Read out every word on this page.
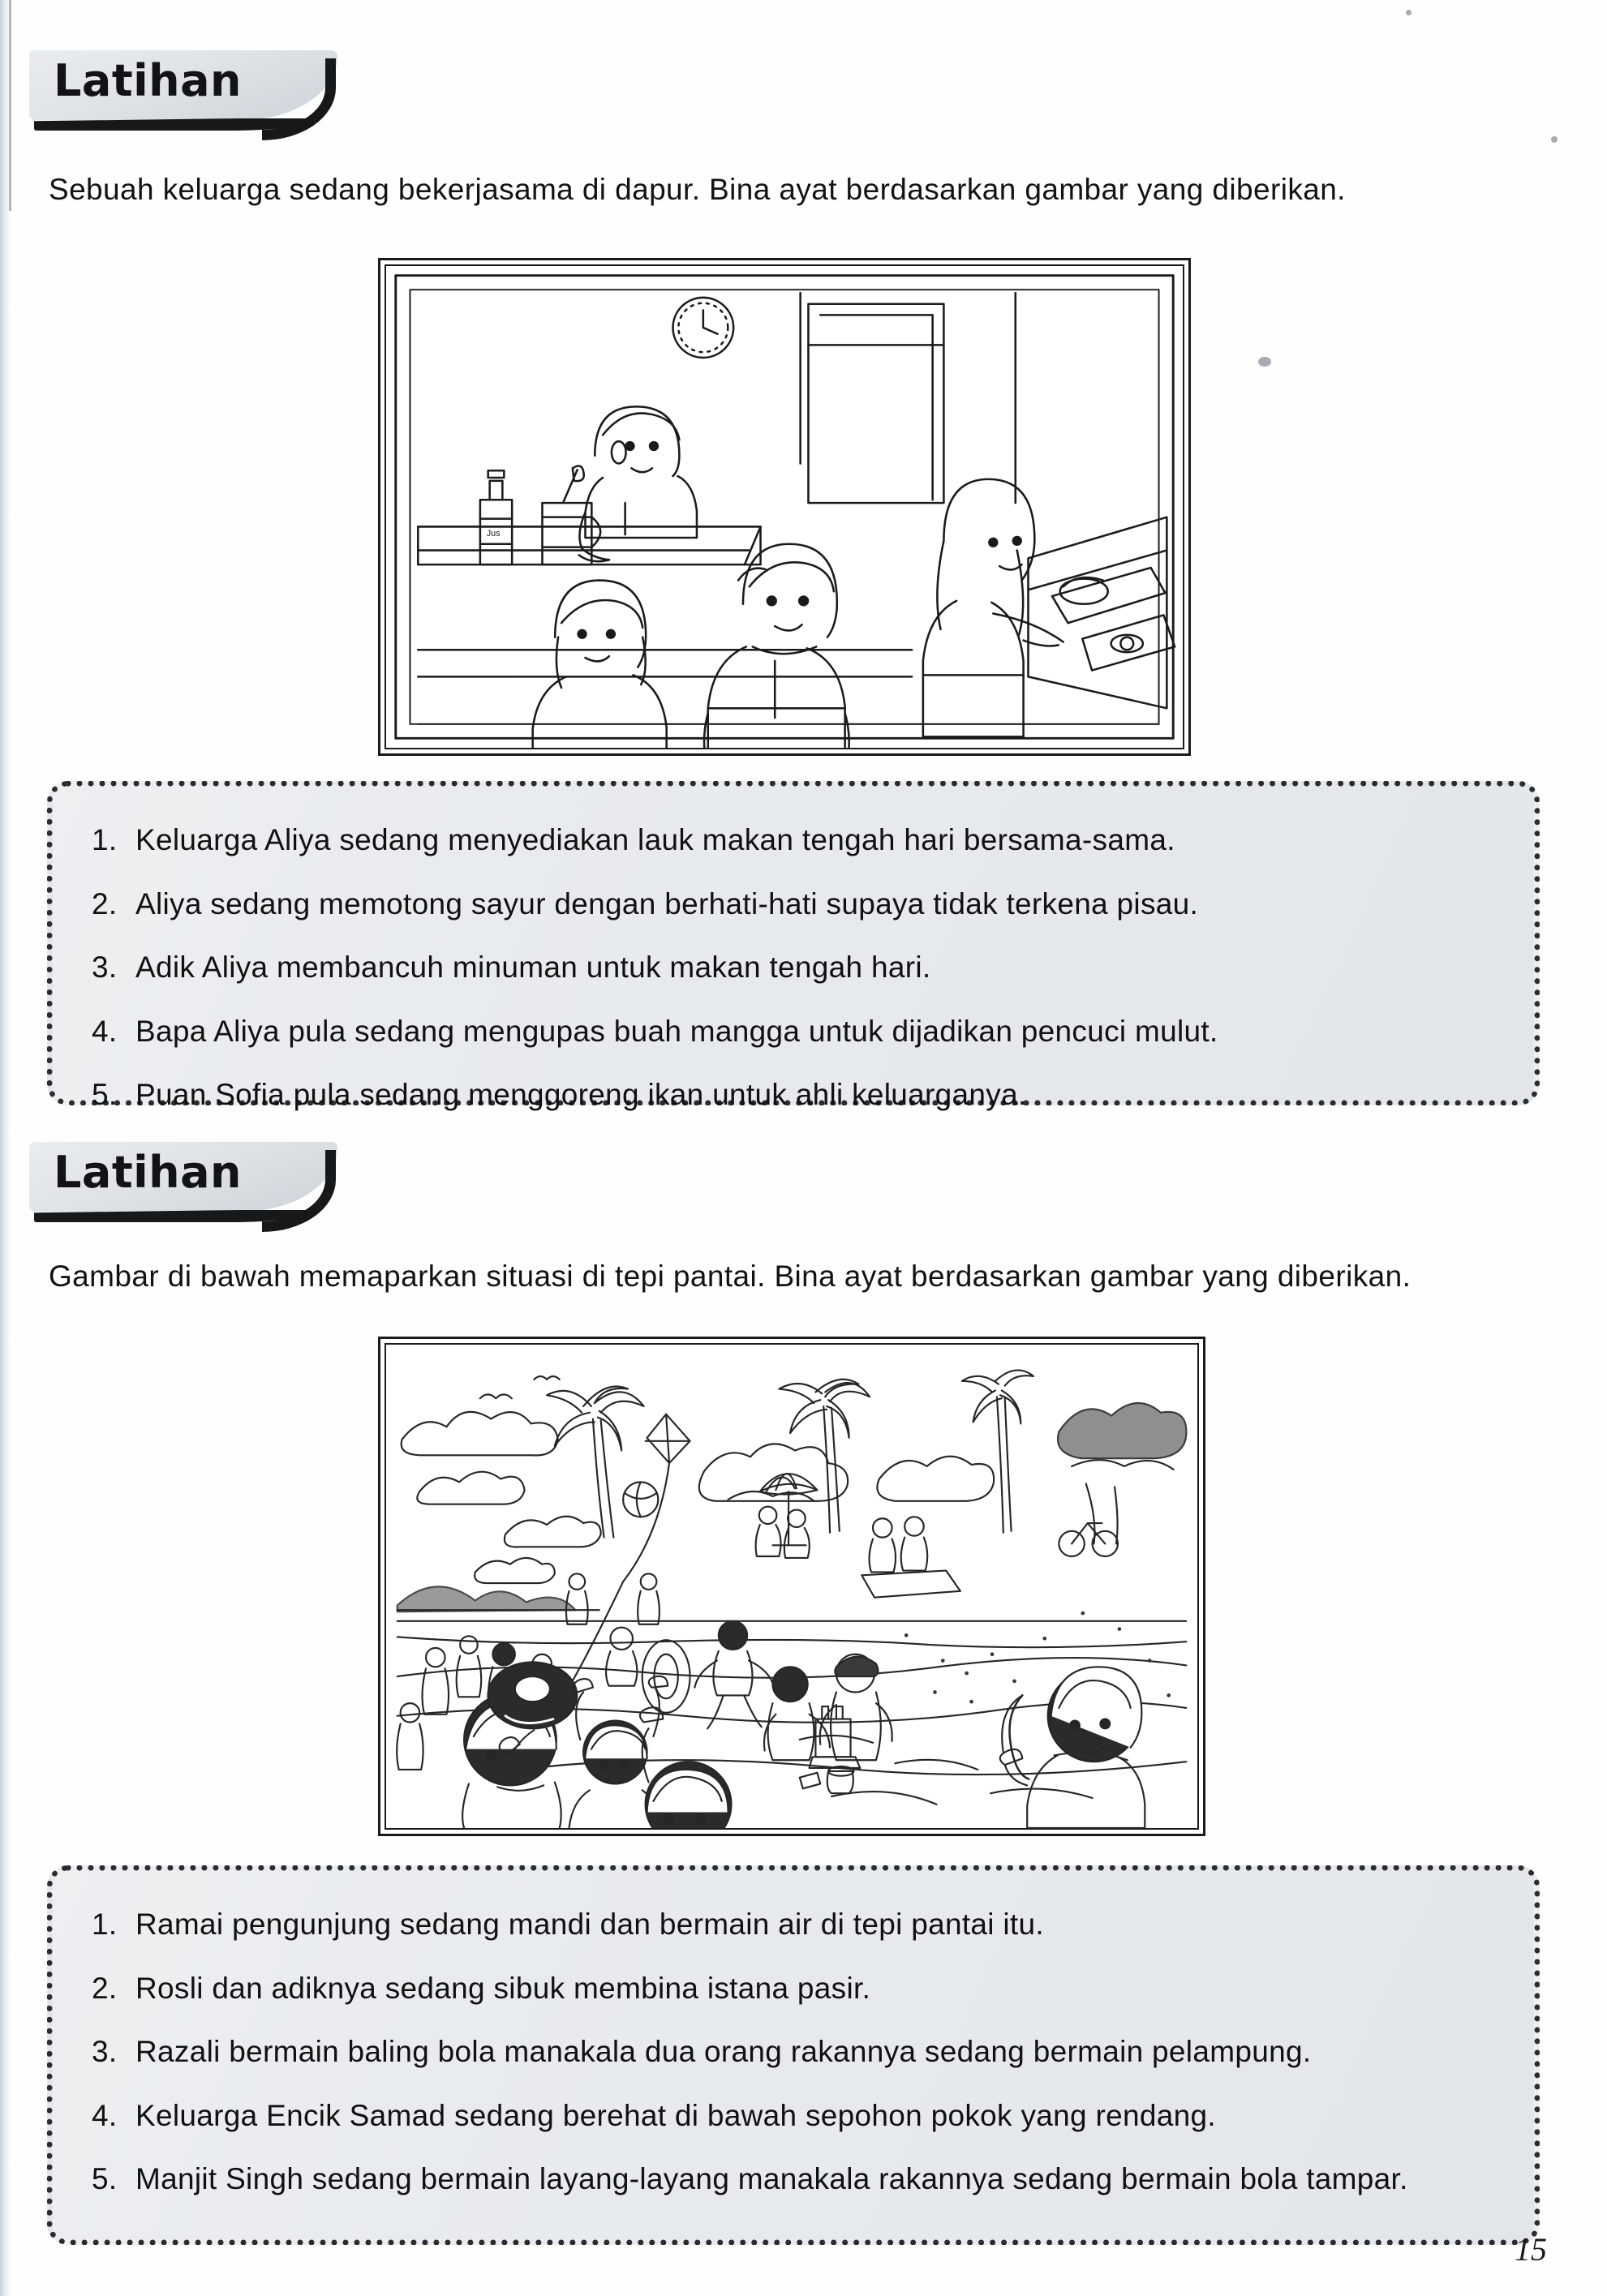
Latihan
Sebuah keluarga sedang bekerjasama di dapur. Bina ayat berdasarkan gambar yang diberikan.
Jus
1. Keluarga Aliya sedang menyediakan lauk makan tengah hari bersama-sama.
2. Aliya sedang memotong sayur dengan berhati-hati supaya tidak terkena pisau.
3. Adik Aliya membancuh minuman untuk makan tengah hari.
4. Bapa Aliya pula sedang mengupas buah mangga untuk dijadikan pencuci mulut.
5. Puan Sofia pula sedang menggoreng ikan untuk ahli keluarganya.
Latihan
Gambar di bawah memaparkan situasi di tepi pantai. Bina ayat berdasarkan gambar yang diberikan.
1. Ramai pengunjung sedang mandi dan bermain air di tepi pantai itu.
2. Rosli dan adiknya sedang sibuk membina istana pasir.
3. Razali bermain baling bola manakala dua orang rakannya sedang bermain pelampung.
4. Keluarga Encik Samad sedang berehat di bawah sepohon pokok yang rendang.
5. Manjit Singh sedang bermain layang-layang manakala rakannya sedang bermain bola tampar.
15
